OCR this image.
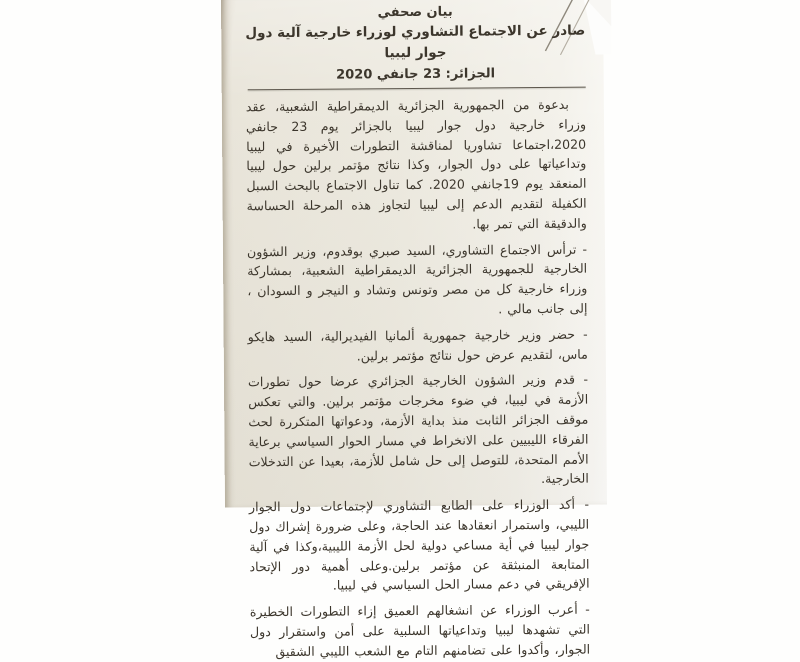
بيان صحفي

صادر عن الاجتماع التشاوري لوزراء خارجية آلية دول جوار ليبيا

الجزائر: 23 جانفي 2020

بدعوة من الجمهورية الجزائرية الديمقراطية الشعبية، عقد وزراء خارجية دول جوار ليبيا بالجزائر يوم 23 جانفي 2020،اجتماعا تشاوريا لمناقشة التطورات الأخيرة في ليبيا وتداعياتها على دول الجوار، وكذا نتائج مؤتمر برلين حول ليبيا المنعقد يوم 19جانفي 2020. كما تناول الاجتماع بالبحث السبل الكفيلة لتقديم الدعم إلى ليبيا لتجاوز هذه المرحلة الحساسة والدقيقة التي تمر بها.

- ترأس الاجتماع التشاوري، السيد صبري بوقدوم، وزير الشؤون الخارجية للجمهورية الجزائرية الديمقراطية الشعبية، بمشاركة وزراء خارجية كل من مصر وتونس وتشاد و النيجر و السودان ، إلى جانب مالي .

- حضر وزير خارجية جمهورية ألمانيا الفيديرالية، السيد هايكو ماس، لتقديم عرض حول نتائج مؤتمر برلين.

- قدم وزير الشؤون الخارجية الجزائري عرضا حول تطورات الأزمة في ليبيا، في ضوء مخرجات مؤتمر برلين. والتي تعكس موقف الجزائر الثابت منذ بداية الأزمة، ودعواتها المتكررة لحث الفرقاء الليبيين على الانخراط في مسار الحوار السياسي برعاية الأمم المتحدة، للتوصل إلى حل شامل للأزمة، بعيدا عن التدخلات الخارجية.

- أكد الوزراء على الطابع التشاوري لإجتماعات دول الجوار الليبي، واستمرار انعقادها عند الحاجة، وعلى ضرورة إشراك دول جوار ليبيا في أية مساعي دولية لحل الأزمة الليبية،وكذا في آلية المتابعة المنبثقة عن مؤتمر برلين.وعلى أهمية دور الإتحاد الإفريقي في دعم مسار الحل السياسي في ليبيا.

- أعرب الوزراء عن انشغالهم العميق إزاء التطورات الخطيرة التي تشهدها ليبيا وتداعياتها السلبية على أمن واستقرار دول الجوار، وأكدوا على تضامنهم التام مع الشعب الليبي الشقيق
